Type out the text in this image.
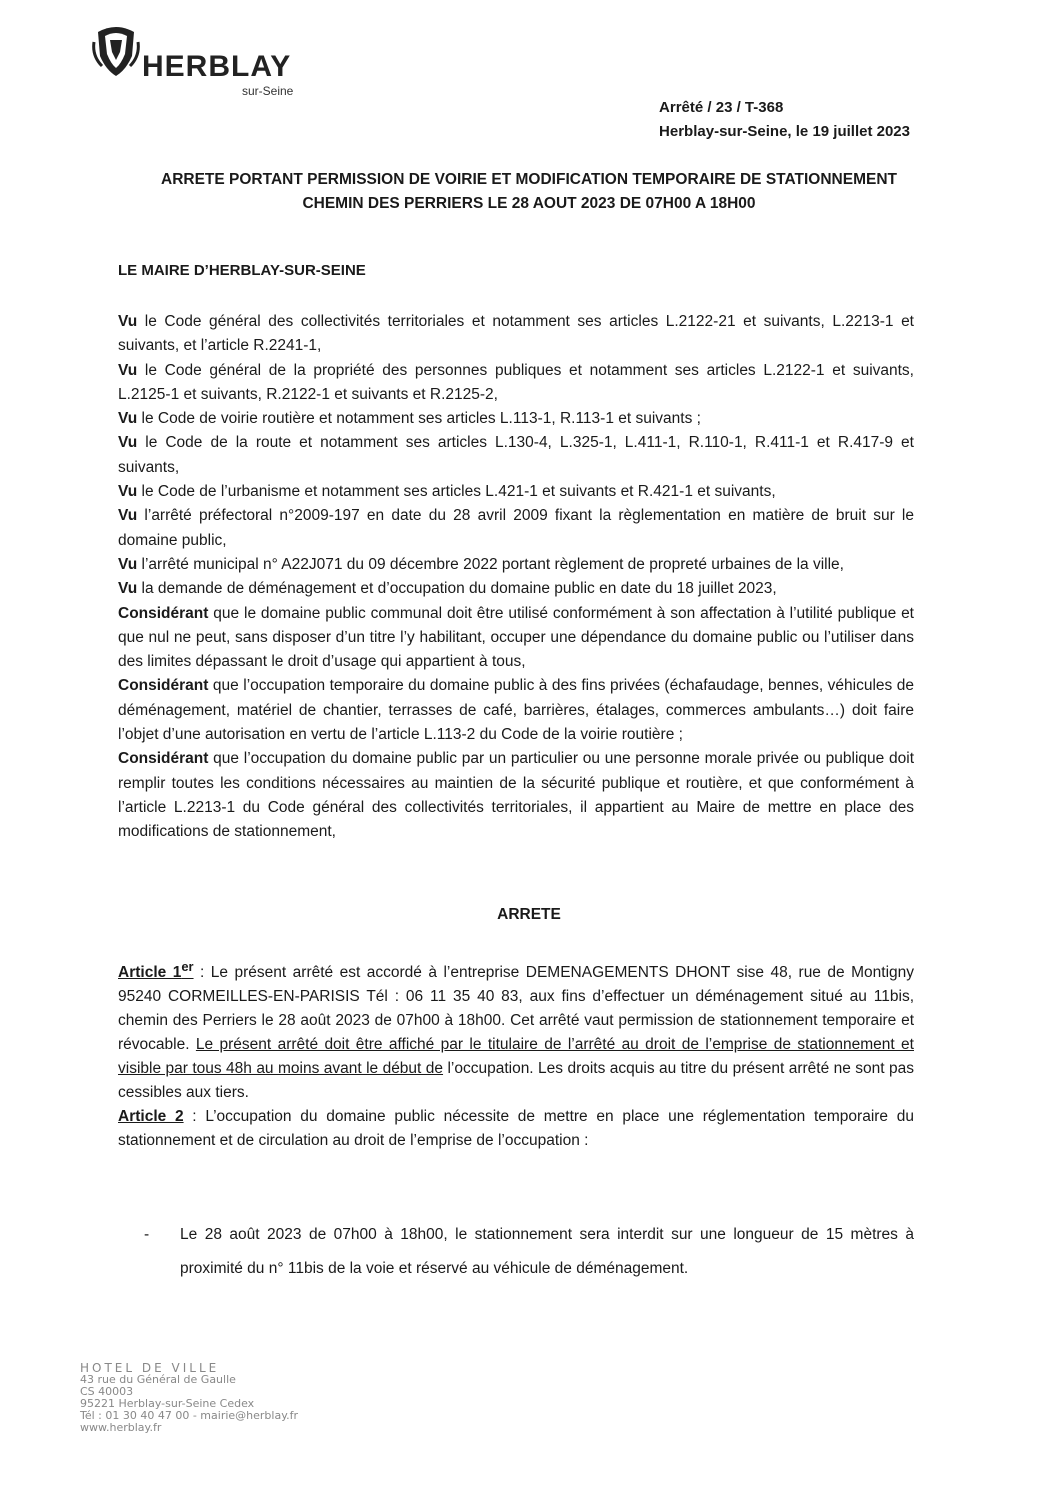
HERBLAY
sur-Seine
Arrêté / 23 / T-368
Herblay-sur-Seine, le 19 juillet 2023
ARRETE PORTANT PERMISSION DE VOIRIE ET MODIFICATION TEMPORAIRE DE STATIONNEMENT
CHEMIN DES PERRIERS LE 28 AOUT 2023 DE 07H00 A 18H00
LE MAIRE D’HERBLAY-SUR-SEINE

Vu le Code général des collectivités territoriales et notamment ses articles L.2122-21 et suivants, L.2213-1 et suivants, et l’article R.2241-1,

Vu le Code général de la propriété des personnes publiques et notamment ses articles L.2122-1 et suivants, L.2125-1 et suivants, R.2122-1 et suivants et R.2125-2,

Vu le Code de voirie routière et notamment ses articles L.113-1, R.113-1 et suivants ;

Vu le Code de la route et notamment ses articles L.130-4, L.325-1, L.411-1, R.110-1, R.411-1 et R.417-9 et suivants,

Vu le Code de l’urbanisme et notamment ses articles L.421-1 et suivants et R.421-1 et suivants,

Vu l’arrêté préfectoral n°2009-197 en date du 28 avril 2009 fixant la règlementation en matière de bruit sur le domaine public,

Vu l’arrêté municipal n° A22J071 du 09 décembre 2022 portant règlement de propreté urbaines de la ville,

Vu la demande de déménagement et d’occupation du domaine public en date du 18 juillet 2023,

Considérant que le domaine public communal doit être utilisé conformément à son affectation à l’utilité publique et que nul ne peut, sans disposer d’un titre l’y habilitant, occuper une dépendance du domaine public ou l’utiliser dans des limites dépassant le droit d’usage qui appartient à tous,

Considérant que l’occupation temporaire du domaine public à des fins privées (échafaudage, bennes, véhicules de déménagement, matériel de chantier, terrasses de café, barrières, étalages, commerces ambulants…) doit faire l’objet d’une autorisation en vertu de l’article L.113-2 du Code de la voirie routière ;

Considérant que l’occupation du domaine public par un particulier ou une personne morale privée ou publique doit remplir toutes les conditions nécessaires au maintien de la sécurité publique et routière, et que conformément à l’article L.2213-1 du Code général des collectivités territoriales, il appartient au Maire de mettre en place des modifications de stationnement,

ARRETE

Article 1er : Le présent arrêté est accordé à l’entreprise DEMENAGEMENTS DHONT sise 48, rue de Montigny 95240 CORMEILLES-EN-PARISIS Tél : 06 11 35 40 83, aux fins d’effectuer un déménagement situé au 11bis, chemin des Perriers le 28 août 2023 de 07h00 à 18h00. Cet arrêté vaut permission de stationnement temporaire et révocable. Le présent arrêté doit être affiché par le titulaire de l’arrêté au droit de l’emprise de stationnement et visible par tous 48h au moins avant le début de l’occupation. Les droits acquis au titre du présent arrêté ne sont pas cessibles aux tiers.

Article 2 : L’occupation du domaine public nécessite de mettre en place une réglementation temporaire du stationnement et de circulation au droit de l’emprise de l’occupation :

- Le 28 août 2023 de 07h00 à 18h00, le stationnement sera interdit sur une longueur de 15 mètres à proximité du n° 11bis de la voie et réservé au véhicule de déménagement.
HOTEL DE VILLE
43 rue du Général de Gaulle
CS 40003
95221 Herblay-sur-Seine Cedex
Tél : 01 30 40 47 00 - mairie@herblay.fr
www.herblay.fr
